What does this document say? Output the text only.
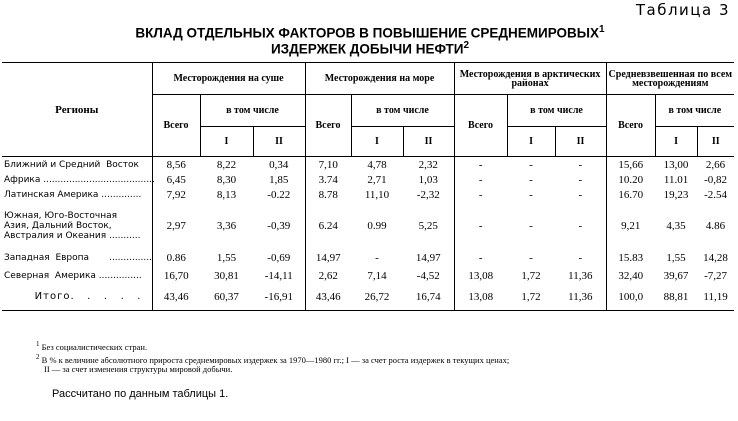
Таблица 3
ВКЛАД ОТДЕЛЬНЫХ ФАКТОРОВ В ПОВЫШЕНИЕ СРЕДНЕМИРОВЫХ$^1$
ИЗДЕРЖЕК ДОБЫЧИ НЕФТИ$^2$
Регионы	Месторождения на суше			Месторождения на море			Месторождения в арктических районах			Средневзвешенная по всем месторождениям		
	Всего	в том числе		Всего	в том числе		Всего	в том числе		Всего	в том числе	
		I	II		I	II		I	II		I	II
Ближний и Средний  Восток	8,56	8,22	0,34	7,10	4,78	2,32	-	-	-	15,66	13,00	2,66
Африка .......................................	6,45	8,30	1,85	3.74	2,71	1,03	-	-	-	10.20	11.01	-0,82
Латинская Америка ..............	7,92	8,13	-0.22	8.78	11,10	-2,32	-	-	-	16.70	19,23	-2.54
Южная, Юго-Восточная
Азия, Дальний Восток,
Австралия и Океания ...........	2,97	3,36	-0,39	6.24	0.99	5,25	-	-	-	9,21	4,35	4.86
Западная  Европа       ...............	0.86	1,55	-0,69	14,97	-	14,97	-	-	-	15.83	1,55	14,28
Северная  Америка ...............	16,70	30,81	-14,11	2,62	7,14	-4,52	13,08	1,72	11,36	32,40	39,67	-7,27
Итого.   .   .   .   .	43,46	60,37	-16,91	43,46	26,72	16,74	13,08	1,72	11,36	100,0	88,81	11,19
$^1$ Без социалистических стран.
$^2$ В % к величине абсолютного прироста среднемировых издержек за 1970—1980 гг.; I — за счет роста издержек в текущих ценах;
II — за счет изменения структуры мировой добычи.
Рассчитано по данным таблицы 1.
